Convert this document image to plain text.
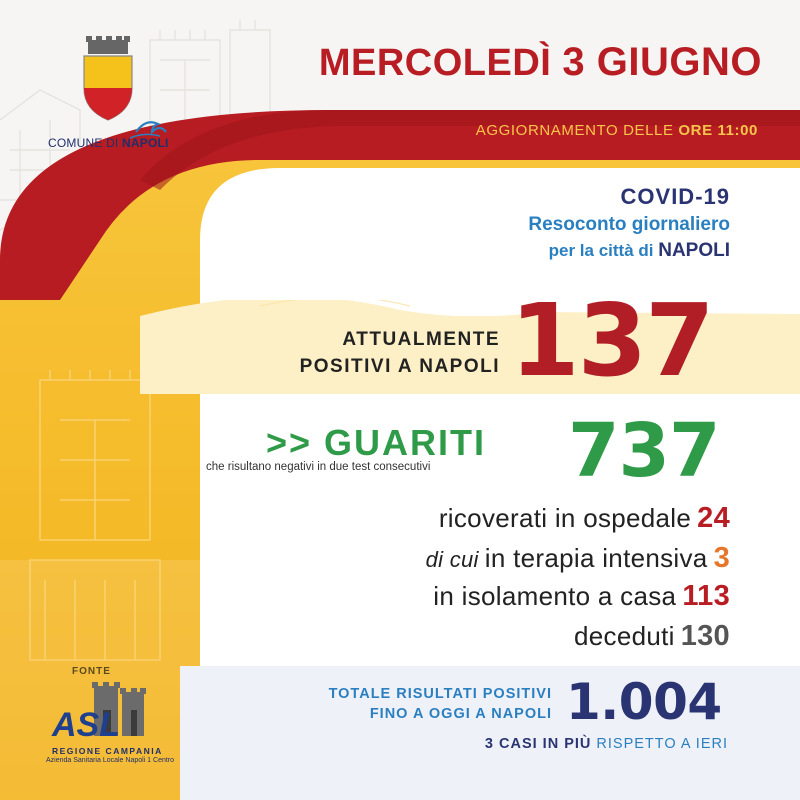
COMUNE DI NAPOLI
MERCOLEDÌ 3 GIUGNO
AGGIORNAMENTO DELLE ORE 11:00
COVID-19
Resoconto giornaliero
per la città di NAPOLI
ATTUALMENTE
POSITIVI A NAPOLI 137
>> GUARITI
che risultano negativi in due test consecutivi 737
ricoverati in ospedale 24
di cui in terapia intensiva 3
in isolamento a casa 113
deceduti 130
TOTALE RISULTATI POSITIVI
FINO A OGGI A NAPOLI 1.004
3 CASI IN PIÙ RISPETTO A IERI
FONTE
ASL
REGIONE CAMPANIA
Azienda Sanitaria Locale Napoli 1 Centro
